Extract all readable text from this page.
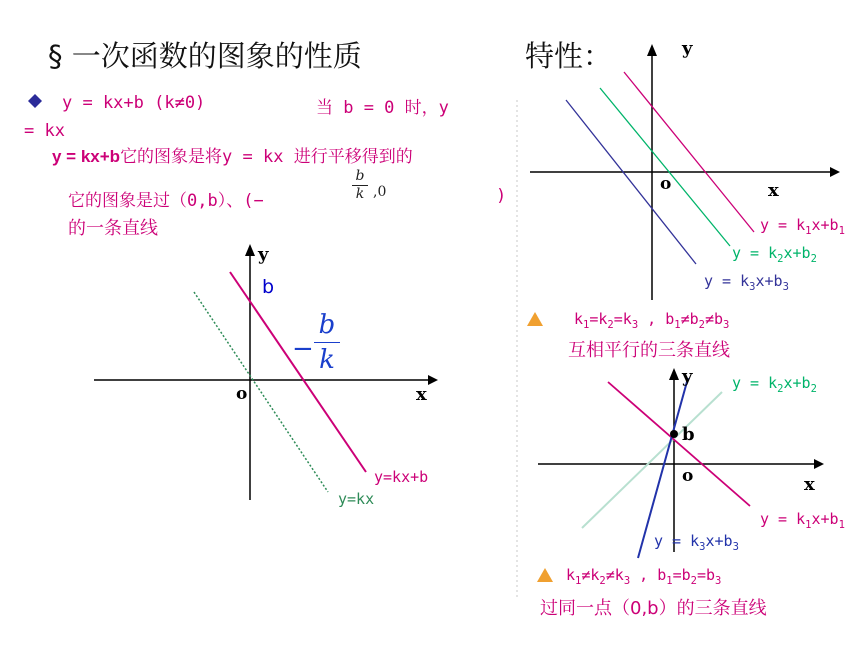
§ 一次函数的图象的性质	特性：
y = kx+b (k≠0)	当 b = 0 时，y
= kx
y = kx+b它的图象是将y = kx 进行平移得到的
它的图象是过（0,b）、(−	$\frac{b}{k} ,0$	)
的一条直线
y
x
o
b
− $\frac{b}{k}$
y=kx+b
y=kx
y
x
o
$y = k_1x+b_1$
$y = k_2x+b_2$
$y = k_3x+b_3$
$k_1=k_2=k_3$ , $b_1\ne b_2\ne b_3$
互相平行的三条直线
y
x
o
b
$y = k_2x+b_2$
$y = k_1x+b_1$
$y = k_3x+b_3$
$k_1\ne k_2\ne k_3$ , $b_1=b_2=b_3$
过同一点（0,b）的三条直线
